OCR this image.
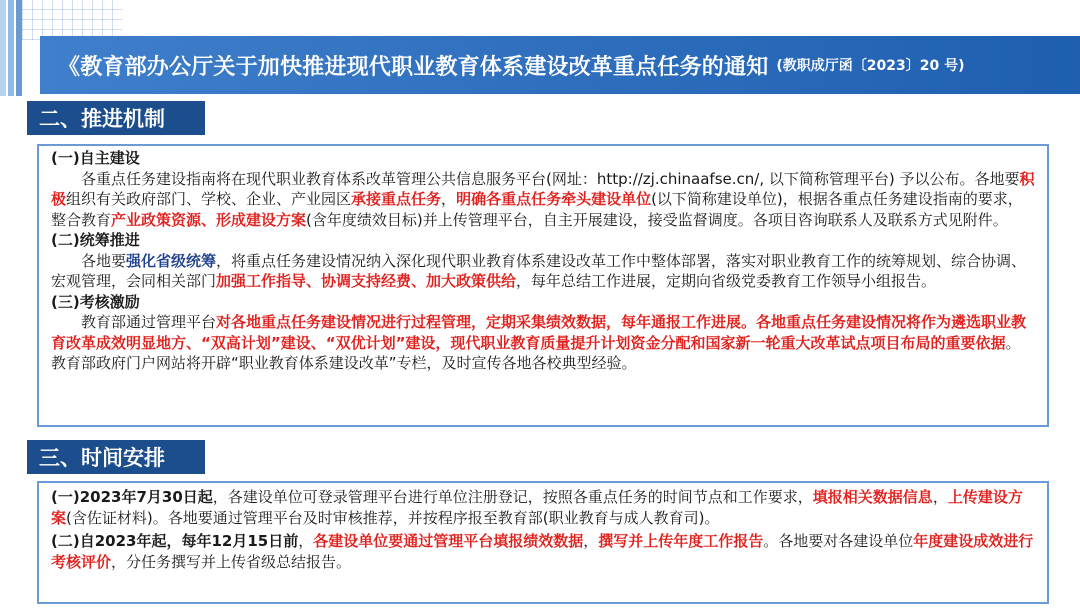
《教育部办公厅关于加快推进现代职业教育体系建设改革重点任务的通知 (教职成厅函〔2023〕20 号)
二、推进机制
(一)自主建设

各重点任务建设指南将在现代职业教育体系改革管理公共信息服务平台(网址：http://zj.chinaafse.cn/, 以下简称管理平台) 予以公布。各地要积极组织有关政府部门、学校、企业、产业园区承接重点任务，明确各重点任务牵头建设单位(以下简称建设单位)，根据各重点任务建设指南的要求，整合教育产业政策资源、形成建设方案(含年度绩效目标)并上传管理平台，自主开展建设，接受监督调度。各项目咨询联系人及联系方式见附件。

(二)统筹推进

各地要强化省级统筹，将重点任务建设情况纳入深化现代职业教育体系建设改革工作中整体部署，落实对职业教育工作的统筹规划、综合协调、宏观管理，会同相关部门加强工作指导、协调支持经费、加大政策供给，每年总结工作进展，定期向省级党委教育工作领导小组报告。

(三)考核激励

教育部通过管理平台对各地重点任务建设情况进行过程管理，定期采集绩效数据，每年通报工作进展。各地重点任务建设情况将作为遴选职业教育改革成效明显地方、“双高计划”建设、“双优计划”建设，现代职业教育质量提升计划资金分配和国家新一轮重大改革试点项目布局的重要依据。教育部政府门户网站将开辟“职业教育体系建设改革”专栏，及时宣传各地各校典型经验。

三、时间安排

(一)2023年7月30日起，各建设单位可登录管理平台进行单位注册登记，按照各重点任务的时间节点和工作要求，填报相关数据信息，上传建设方案(含佐证材料)。各地要通过管理平台及时审核推荐，并按程序报至教育部(职业教育与成人教育司)。

(二)自2023年起，每年12月15日前，各建设单位要通过管理平台填报绩效数据，撰写并上传年度工作报告。各地要对各建设单位年度建设成效进行考核评价，分任务撰写并上传省级总结报告。
